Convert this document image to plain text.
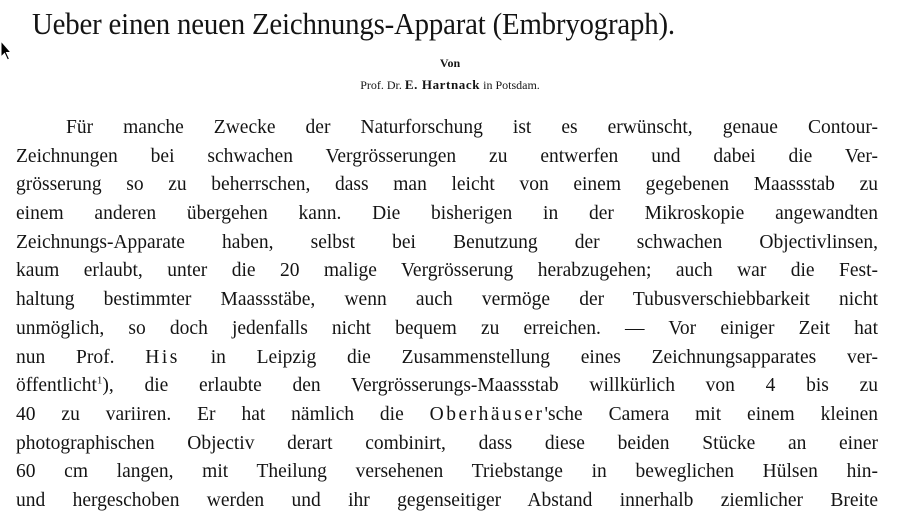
Ueber einen neuen Zeichnungs-Apparat (Embryograph).
Von
Prof. Dr. E. Hartnack in Potsdam.
Für manche Zwecke der Naturforschung ist es erwünscht, genaue Contour-
Zeichnungen bei schwachen Vergrösserungen zu entwerfen und dabei die Ver-
grösserung so zu beherrschen, dass man leicht von einem gegebenen Maassstab zu
einem anderen übergehen kann. Die bisherigen in der Mikroskopie angewandten
Zeichnungs-Apparate haben, selbst bei Benutzung der schwachen Objectivlinsen,
kaum erlaubt, unter die 20 malige Vergrösserung herabzugehen; auch war die Fest-
haltung bestimmter Maassstäbe, wenn auch vermöge der Tubusverschiebbarkeit nicht
unmöglich, so doch jedenfalls nicht bequem zu erreichen. — Vor einiger Zeit hat
nun Prof. His in Leipzig die Zusammenstellung eines Zeichnungsapparates ver-
öffentlicht$^1$), die erlaubte den Vergrösserungs-Maassstab willkürlich von 4 bis zu
40 zu variiren. Er hat nämlich die Oberhäuser'sche Camera mit einem kleinen
photographischen Objectiv derart combinirt, dass diese beiden Stücke an einer
60 cm langen, mit Theilung versehenen Triebstange in beweglichen Hülsen hin-
und hergeschoben werden und ihr gegenseitiger Abstand innerhalb ziemlicher Breite
